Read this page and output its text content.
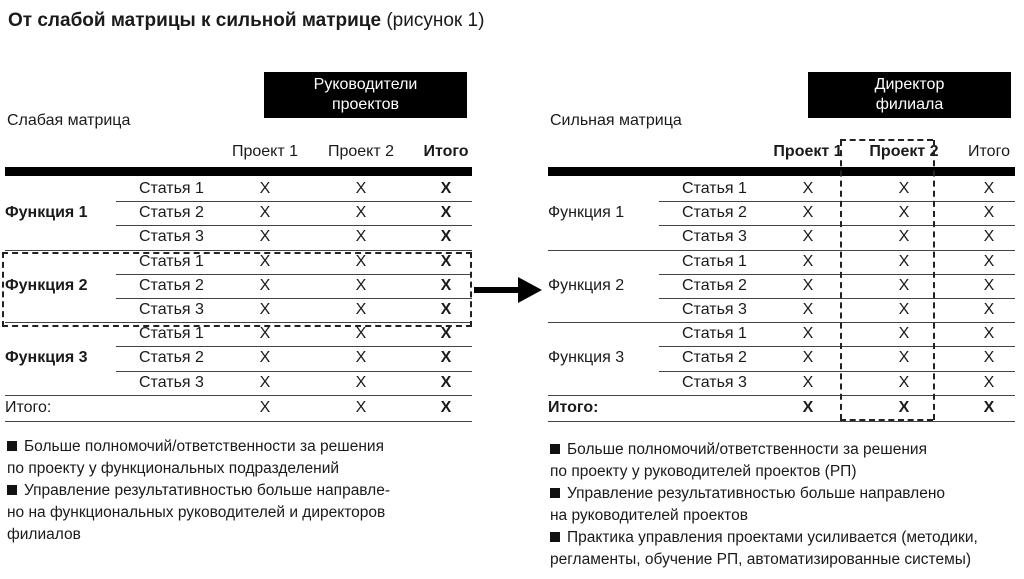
От слабой матрицы к сильной матрице (рисунок 1)
Руководители
проектов
Слабая матрица
Проект 1	Проект 2	Итого
Функция 1
Статья 1	X	X	X
Статья 2	X	X	X
Статья 3	X	X	X
Функция 2
Статья 1	X	X	X
Статья 2	X	X	X
Статья 3	X	X	X
Функция 3
Статья 1	X	X	X
Статья 2	X	X	X
Статья 3	X	X	X
Итого:	X	X	X
Больше полномочий/ответственности за решения
по проекту у функциональных подразделений
Управление результативностью больше направле-
но на функциональных руководителей и директоров
филиалов
Директор
филиала
Сильная матрица
Проект 1	Проект 2	Итого
Функция 1
Статья 1	X	X	X
Статья 2	X	X	X
Статья 3	X	X	X
Функция 2
Статья 1	X	X	X
Статья 2	X	X	X
Статья 3	X	X	X
Функция 3
Статья 1	X	X	X
Статья 2	X	X	X
Статья 3	X	X	X
Итого:	X	X	X
Больше полномочий/ответственности за решения
по проекту у руководителей проектов (РП)
Управление результативностью больше направлено
на руководителей проектов
Практика управления проектами усиливается (методики,
регламенты, обучение РП, автоматизированные системы)
